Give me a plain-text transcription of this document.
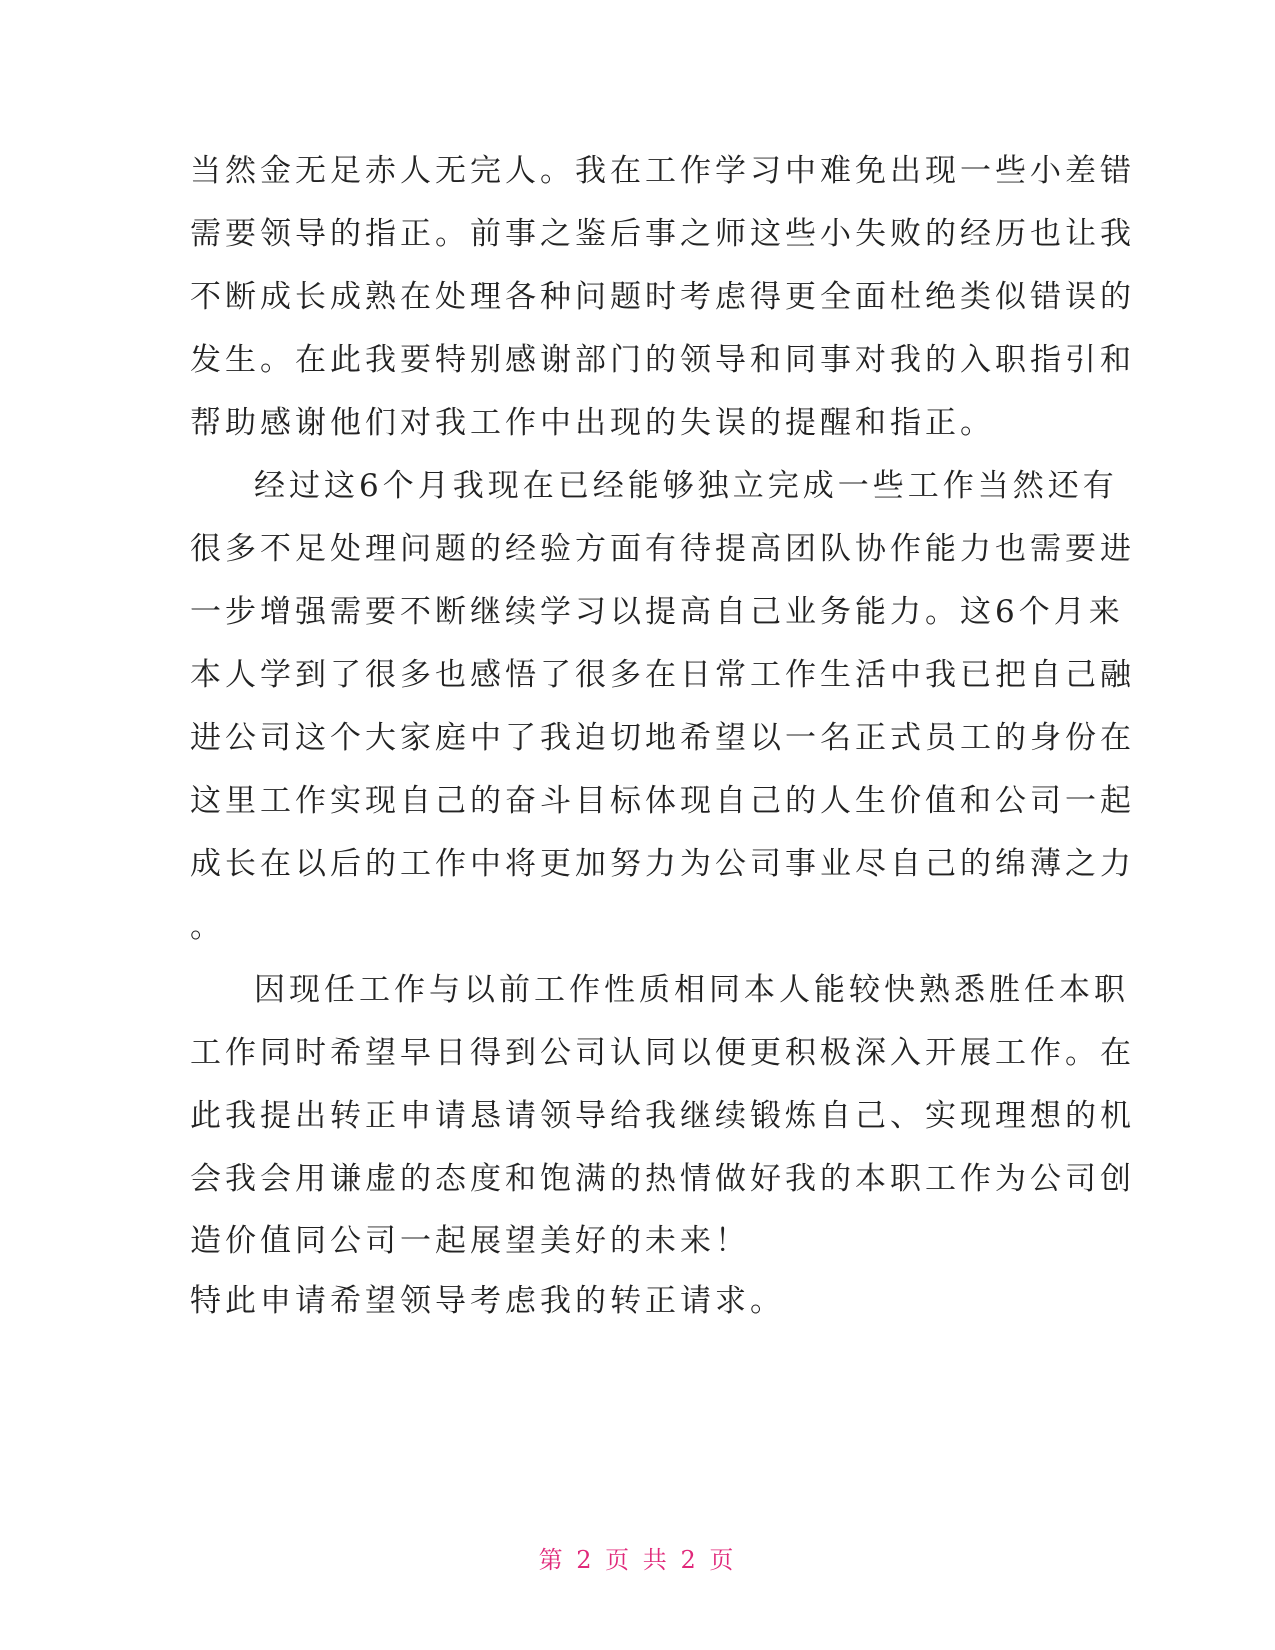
当然金无足赤人无完人。我在工作学习中难免出现一些小差错
需要领导的指正。前事之鉴后事之师这些小失败的经历也让我
不断成长成熟在处理各种问题时考虑得更全面杜绝类似错误的
发生。在此我要特别感谢部门的领导和同事对我的入职指引和
帮助感谢他们对我工作中出现的失误的提醒和指正。
经过这6个月我现在已经能够独立完成一些工作当然还有
很多不足处理问题的经验方面有待提高团队协作能力也需要进
一步增强需要不断继续学习以提高自己业务能力。这6个月来
本人学到了很多也感悟了很多在日常工作生活中我已把自己融
进公司这个大家庭中了我迫切地希望以一名正式员工的身份在
这里工作实现自己的奋斗目标体现自己的人生价值和公司一起
成长在以后的工作中将更加努力为公司事业尽自己的绵薄之力
。
因现任工作与以前工作性质相同本人能较快熟悉胜任本职
工作同时希望早日得到公司认同以便更积极深入开展工作。在
此我提出转正申请恳请领导给我继续锻炼自己、实现理想的机
会我会用谦虚的态度和饱满的热情做好我的本职工作为公司创
造价值同公司一起展望美好的未来！
特此申请希望领导考虑我的转正请求。
第 2 页 共 2 页
